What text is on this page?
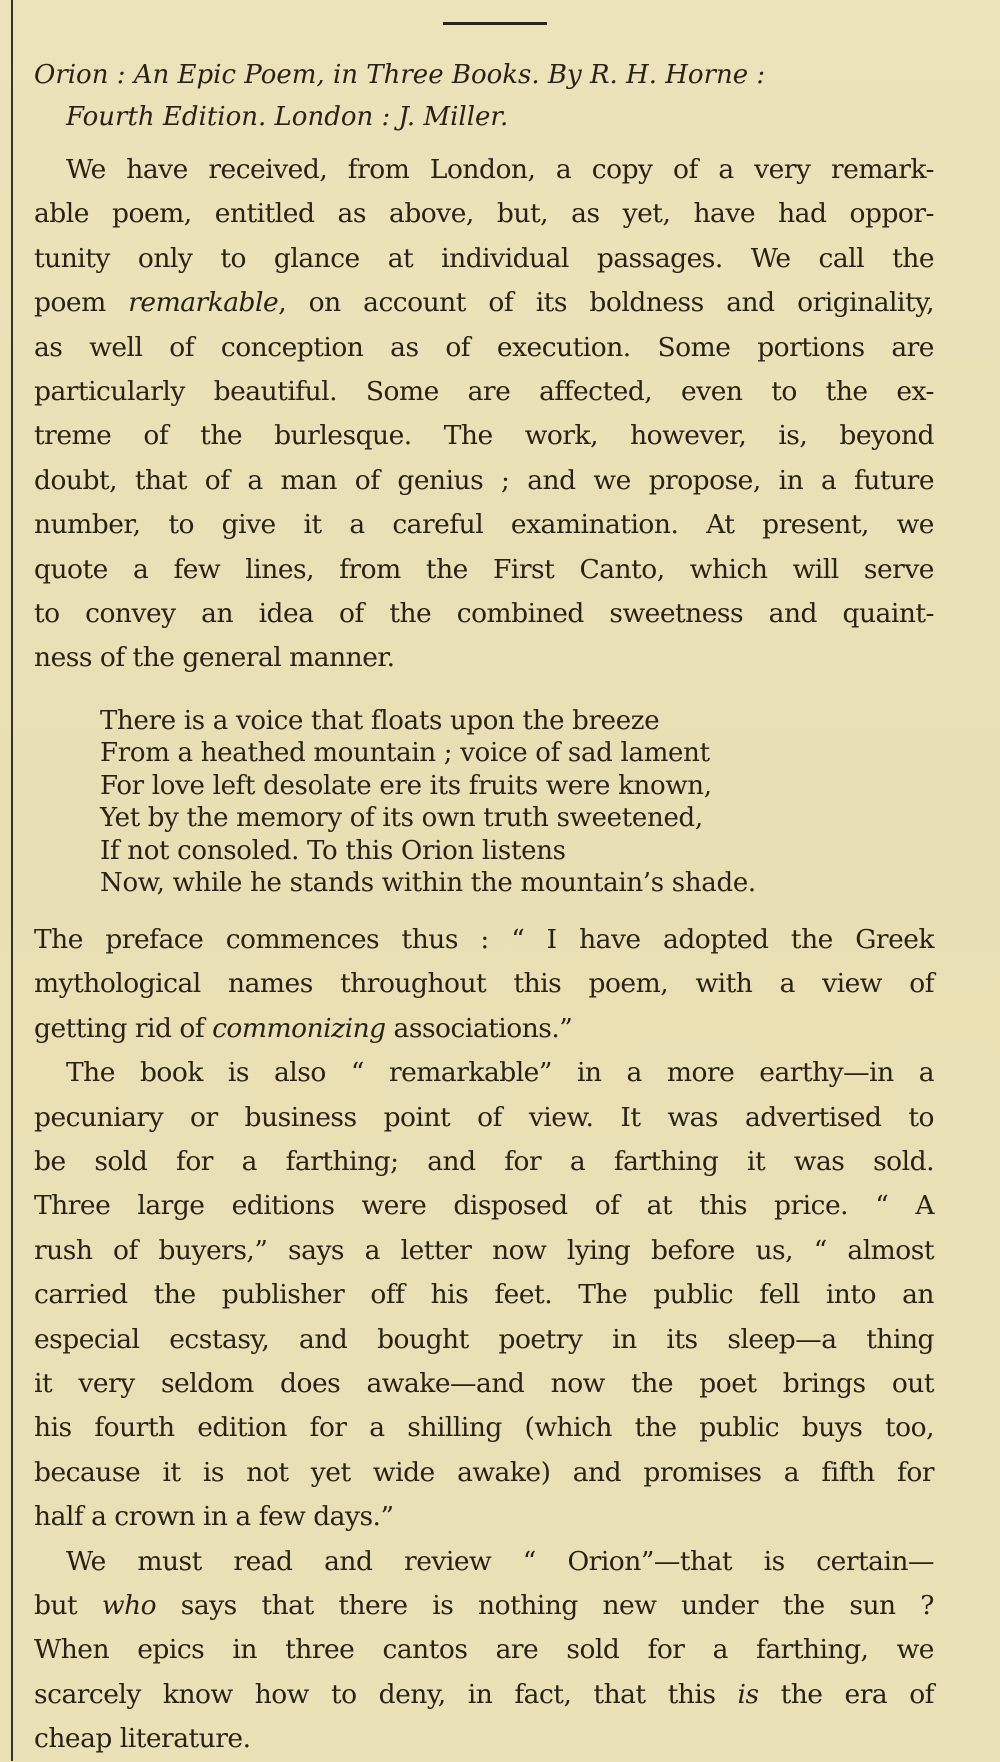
Orion : An Epic Poem, in Three Books. By R. H. Horne :

Fourth Edition. London : J. Miller.

We have received, from London, a copy of a very remark-
able poem, entitled as above, but, as yet, have had oppor-
tunity only to glance at individual passages. We call the
poem remarkable, on account of its boldness and originality,
as well of conception as of execution. Some portions are
particularly beautiful. Some are affected, even to the ex-
treme of the burlesque. The work, however, is, beyond
doubt, that of a man of genius ; and we propose, in a future
number, to give it a careful examination. At present, we
quote a few lines, from the First Canto, which will serve
to convey an idea of the combined sweetness and quaint-
ness of the general manner.
There is a voice that floats upon the breeze
From a heathed mountain ; voice of sad lament
For love left desolate ere its fruits were known,
Yet by the memory of its own truth sweetened,
If not consoled. To this Orion listens
Now, while he stands within the mountain’s shade.
The preface commences thus : “ I have adopted the Greek
mythological names throughout this poem, with a view of
getting rid of commonizing associations.”
The book is also “ remarkable” in a more earthy—in a
pecuniary or business point of view. It was advertised to
be sold for a farthing; and for a farthing it was sold.
Three large editions were disposed of at this price. “ A
rush of buyers,” says a letter now lying before us, “ almost
carried the publisher off his feet. The public fell into an
especial ecstasy, and bought poetry in its sleep—a thing
it very seldom does awake—and now the poet brings out
his fourth edition for a shilling (which the public buys too,
because it is not yet wide awake) and promises a fifth for
half a crown in a few days.”
We must read and review “ Orion”—that is certain—
but who says that there is nothing new under the sun ?
When epics in three cantos are sold for a farthing, we
scarcely know how to deny, in fact, that this is the era of
cheap literature.
